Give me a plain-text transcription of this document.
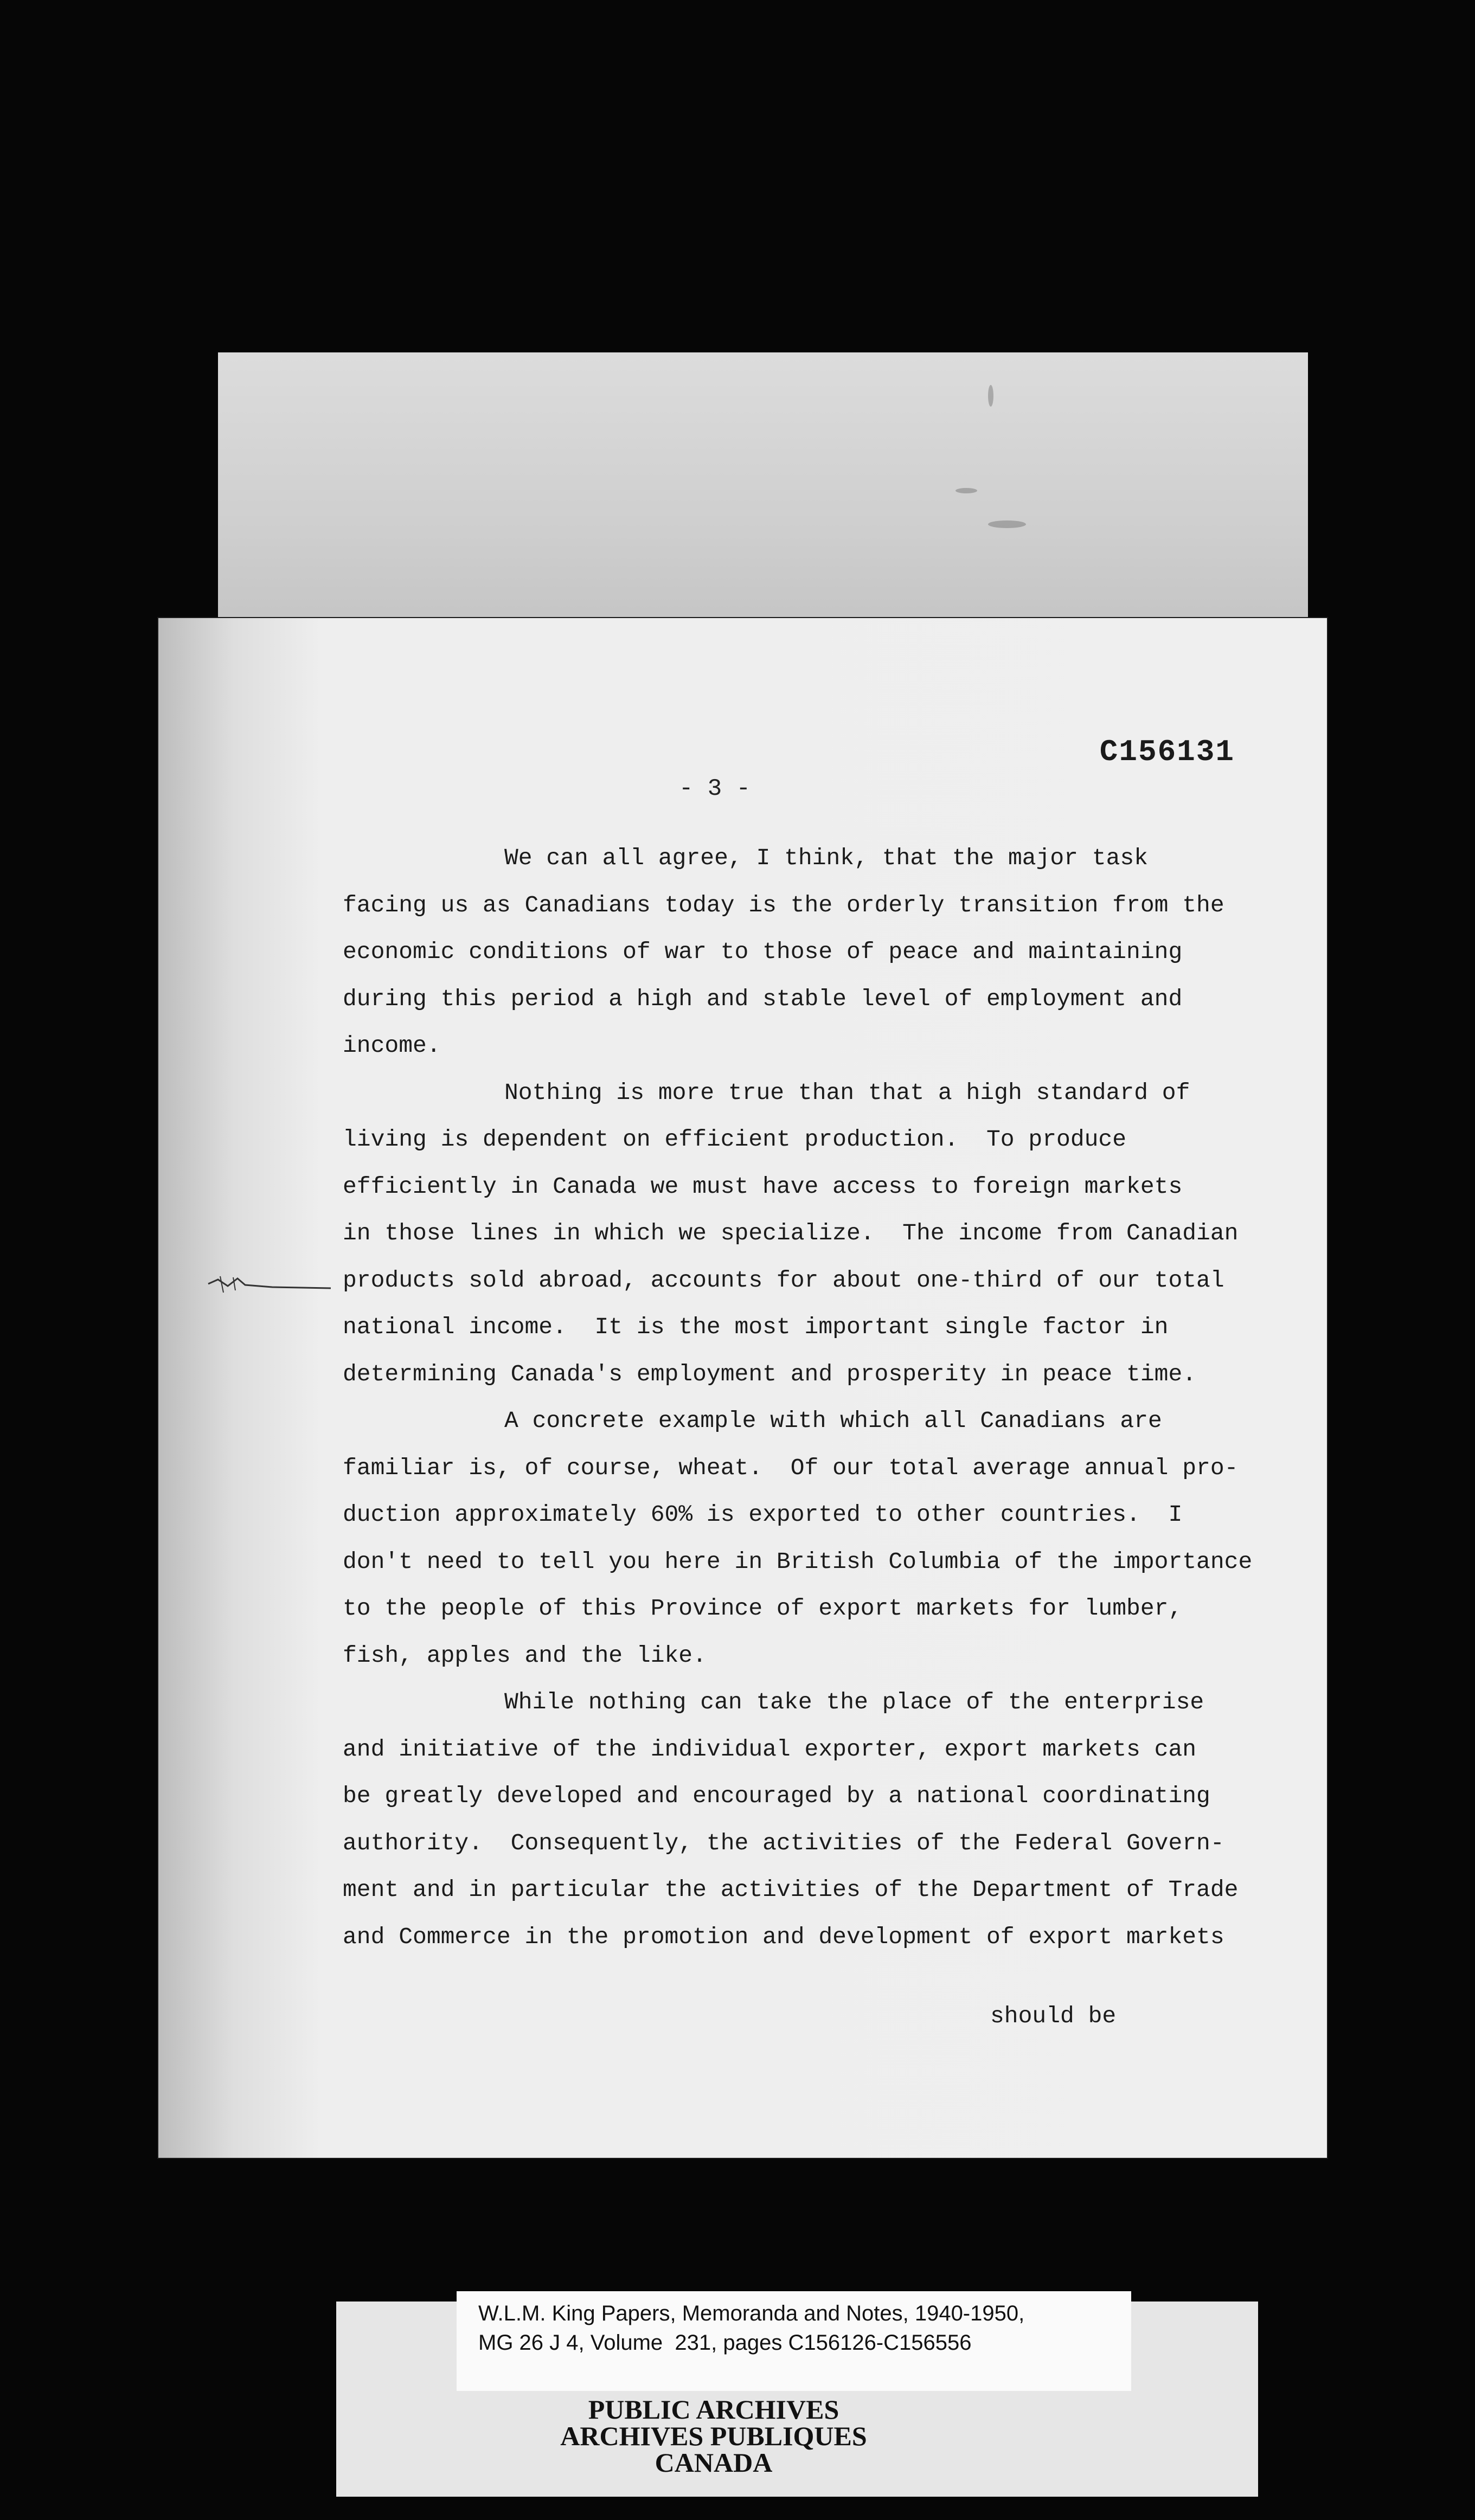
C156131
- 3 -

We can all agree, I think, that the major task

facing us as Canadians today is the orderly transition from the

economic conditions of war to those of peace and maintaining

during this period a high and stable level of employment and

income.

Nothing is more true than that a high standard of

living is dependent on efficient production.  To produce

efficiently in Canada we must have access to foreign markets

in those lines in which we specialize.  The income from Canadian

products sold abroad, accounts for about one-third of our total

national income.  It is the most important single factor in

determining Canada's employment and prosperity in peace time.

A concrete example with which all Canadians are

familiar is, of course, wheat.  Of our total average annual pro-

duction approximately 60% is exported to other countries.  I

don't need to tell you here in British Columbia of the importance

to the people of this Province of export markets for lumber,

fish, apples and the like.

While nothing can take the place of the enterprise

and initiative of the individual exporter, export markets can

be greatly developed and encouraged by a national coordinating

authority.  Consequently, the activities of the Federal Govern-

ment and in particular the activities of the Department of Trade

and Commerce in the promotion and development of export markets

should be
W.L.M. King Papers, Memoranda and Notes, 1940-1950,
MG 26 J 4, Volume  231, pages C156126-C156556
PUBLIC ARCHIVES
ARCHIVES PUBLIQUES
CANADA
